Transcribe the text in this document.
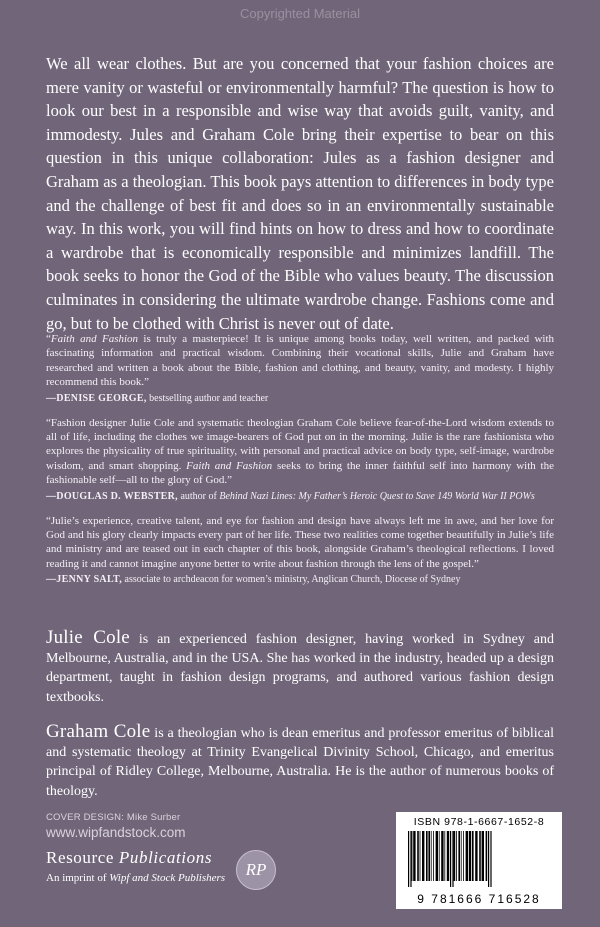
Copyrighted Material

We all wear clothes. But are you concerned that your fashion choices are mere vanity or wasteful or environmentally harmful? The question is how to look our best in a responsible and wise way that avoids guilt, vanity, and immodesty. Jules and Graham Cole bring their expertise to bear on this question in this unique collaboration: Jules as a fashion designer and Graham as a theologian. This book pays attention to differences in body type and the challenge of best fit and does so in an environmentally sustainable way. In this work, you will find hints on how to dress and how to coordinate a wardrobe that is economically responsible and minimizes landfill. The book seeks to honor the God of the Bible who values beauty. The discussion culminates in considering the ultimate wardrobe change. Fashions come and go, but to be clothed with Christ is never out of date.

“Faith and Fashion is truly a masterpiece! It is unique among books today, well written, and packed with fascinating information and practical wisdom. Combining their vocational skills, Julie and Graham have researched and written a book about the Bible, fashion and clothing, and beauty, vanity, and modesty. I highly recommend this book.”

—DENISE GEORGE, bestselling author and teacher

“Fashion designer Julie Cole and systematic theologian Graham Cole believe fear-of-the-Lord wisdom extends to all of life, including the clothes we image-bearers of God put on in the morning. Julie is the rare fashionista who explores the physicality of true spirituality, with personal and practical advice on body type, self-image, wardrobe wisdom, and smart shopping. Faith and Fashion seeks to bring the inner faithful self into harmony with the fashionable self—all to the glory of God.”

—DOUGLAS D. WEBSTER, author of Behind Nazi Lines: My Father’s Heroic Quest to Save 149 World War II POWs

“Julie’s experience, creative talent, and eye for fashion and design have always left me in awe, and her love for God and his glory clearly impacts every part of her life. These two realities come together beautifully in Julie’s life and ministry and are teased out in each chapter of this book, alongside Graham’s theological reflections. I loved reading it and cannot imagine anyone better to write about fashion through the lens of the gospel.”

—JENNY SALT, associate to archdeacon for women’s ministry, Anglican Church, Diocese of Sydney

Julie Cole is an experienced fashion designer, having worked in Sydney and Melbourne, Australia, and in the USA. She has worked in the industry, headed up a design department, taught in fashion design programs, and authored various fashion design textbooks.

Graham Cole is a theologian who is dean emeritus and professor emeritus of biblical and systematic theology at Trinity Evangelical Divinity School, Chicago, and emeritus principal of Ridley College, Melbourne, Australia. He is the author of numerous books of theology.

COVER DESIGN: Mike Surber
www.wipfandstock.com
Resource Publications
An imprint of Wipf and Stock Publishers	RP
ISBN 978-1-6667-1652-8
9 781666 716528
